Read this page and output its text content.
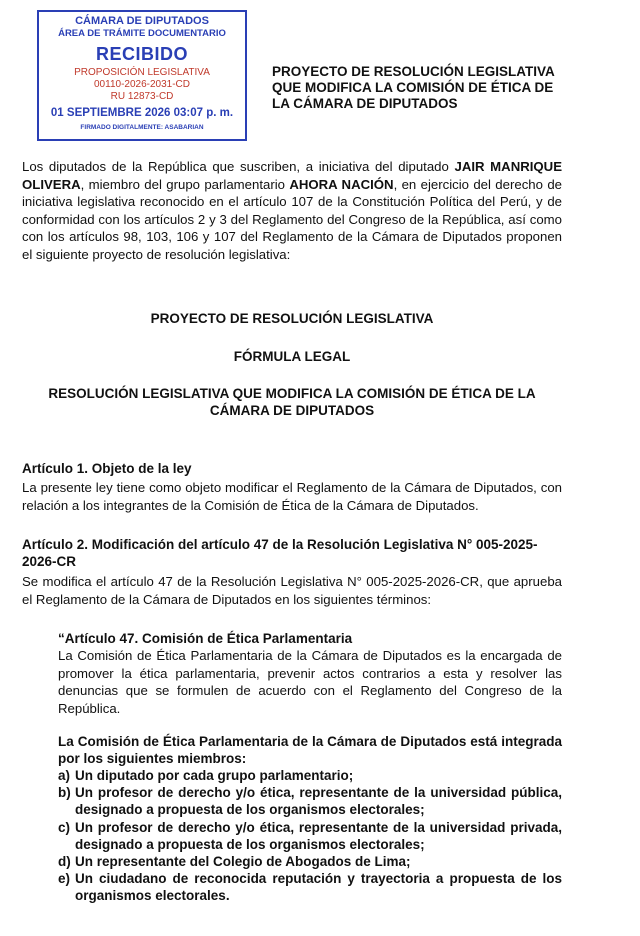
CÁMARA DE DIPUTADOS
ÁREA DE TRÁMITE DOCUMENTARIO
RECIBIDO
PROPOSICIÓN LEGISLATIVA
00110-2026-2031-CD
RU 12873-CD
01 SEPTIEMBRE 2026 03:07 p. m.
FIRMADO DIGITALMENTE: ASABARIAN
PROYECTO DE RESOLUCIÓN LEGISLATIVA QUE MODIFICA LA COMISIÓN DE ÉTICA DE LA CÁMARA DE DIPUTADOS
Los diputados de la República que suscriben, a iniciativa del diputado JAIR MANRIQUE OLIVERA, miembro del grupo parlamentario AHORA NACIÓN, en ejercicio del derecho de iniciativa legislativa reconocido en el artículo 107 de la Constitución Política del Perú, y de conformidad con los artículos 2 y 3 del Reglamento del Congreso de la República, así como con los artículos 98, 103, 106 y 107 del Reglamento de la Cámara de Diputados proponen el siguiente proyecto de resolución legislativa:
PROYECTO DE RESOLUCIÓN LEGISLATIVA
FÓRMULA LEGAL
RESOLUCIÓN LEGISLATIVA QUE MODIFICA LA COMISIÓN DE ÉTICA DE LA CÁMARA DE DIPUTADOS
Artículo 1. Objeto de la ley
La presente ley tiene como objeto modificar el Reglamento de la Cámara de Diputados, con relación a los integrantes de la Comisión de Ética de la Cámara de Diputados.
Artículo 2. Modificación del artículo 47 de la Resolución Legislativa N° 005-2025-2026-CR
Se modifica el artículo 47 de la Resolución Legislativa N° 005-2025-2026-CR, que aprueba el Reglamento de la Cámara de Diputados en los siguientes términos:
“Artículo 47. Comisión de Ética Parlamentaria
La Comisión de Ética Parlamentaria de la Cámara de Diputados es la encargada de promover la ética parlamentaria, prevenir actos contrarios a esta y resolver las denuncias que se formulen de acuerdo con el Reglamento del Congreso de la República.
La Comisión de Ética Parlamentaria de la Cámara de Diputados está integrada por los siguientes miembros:
a) Un diputado por cada grupo parlamentario;
b) Un profesor de derecho y/o ética, representante de la universidad pública, designado a propuesta de los organismos electorales;
c) Un profesor de derecho y/o ética, representante de la universidad privada, designado a propuesta de los organismos electorales;
d) Un representante del Colegio de Abogados de Lima;
e) Un ciudadano de reconocida reputación y trayectoria a propuesta de los organismos electorales.
